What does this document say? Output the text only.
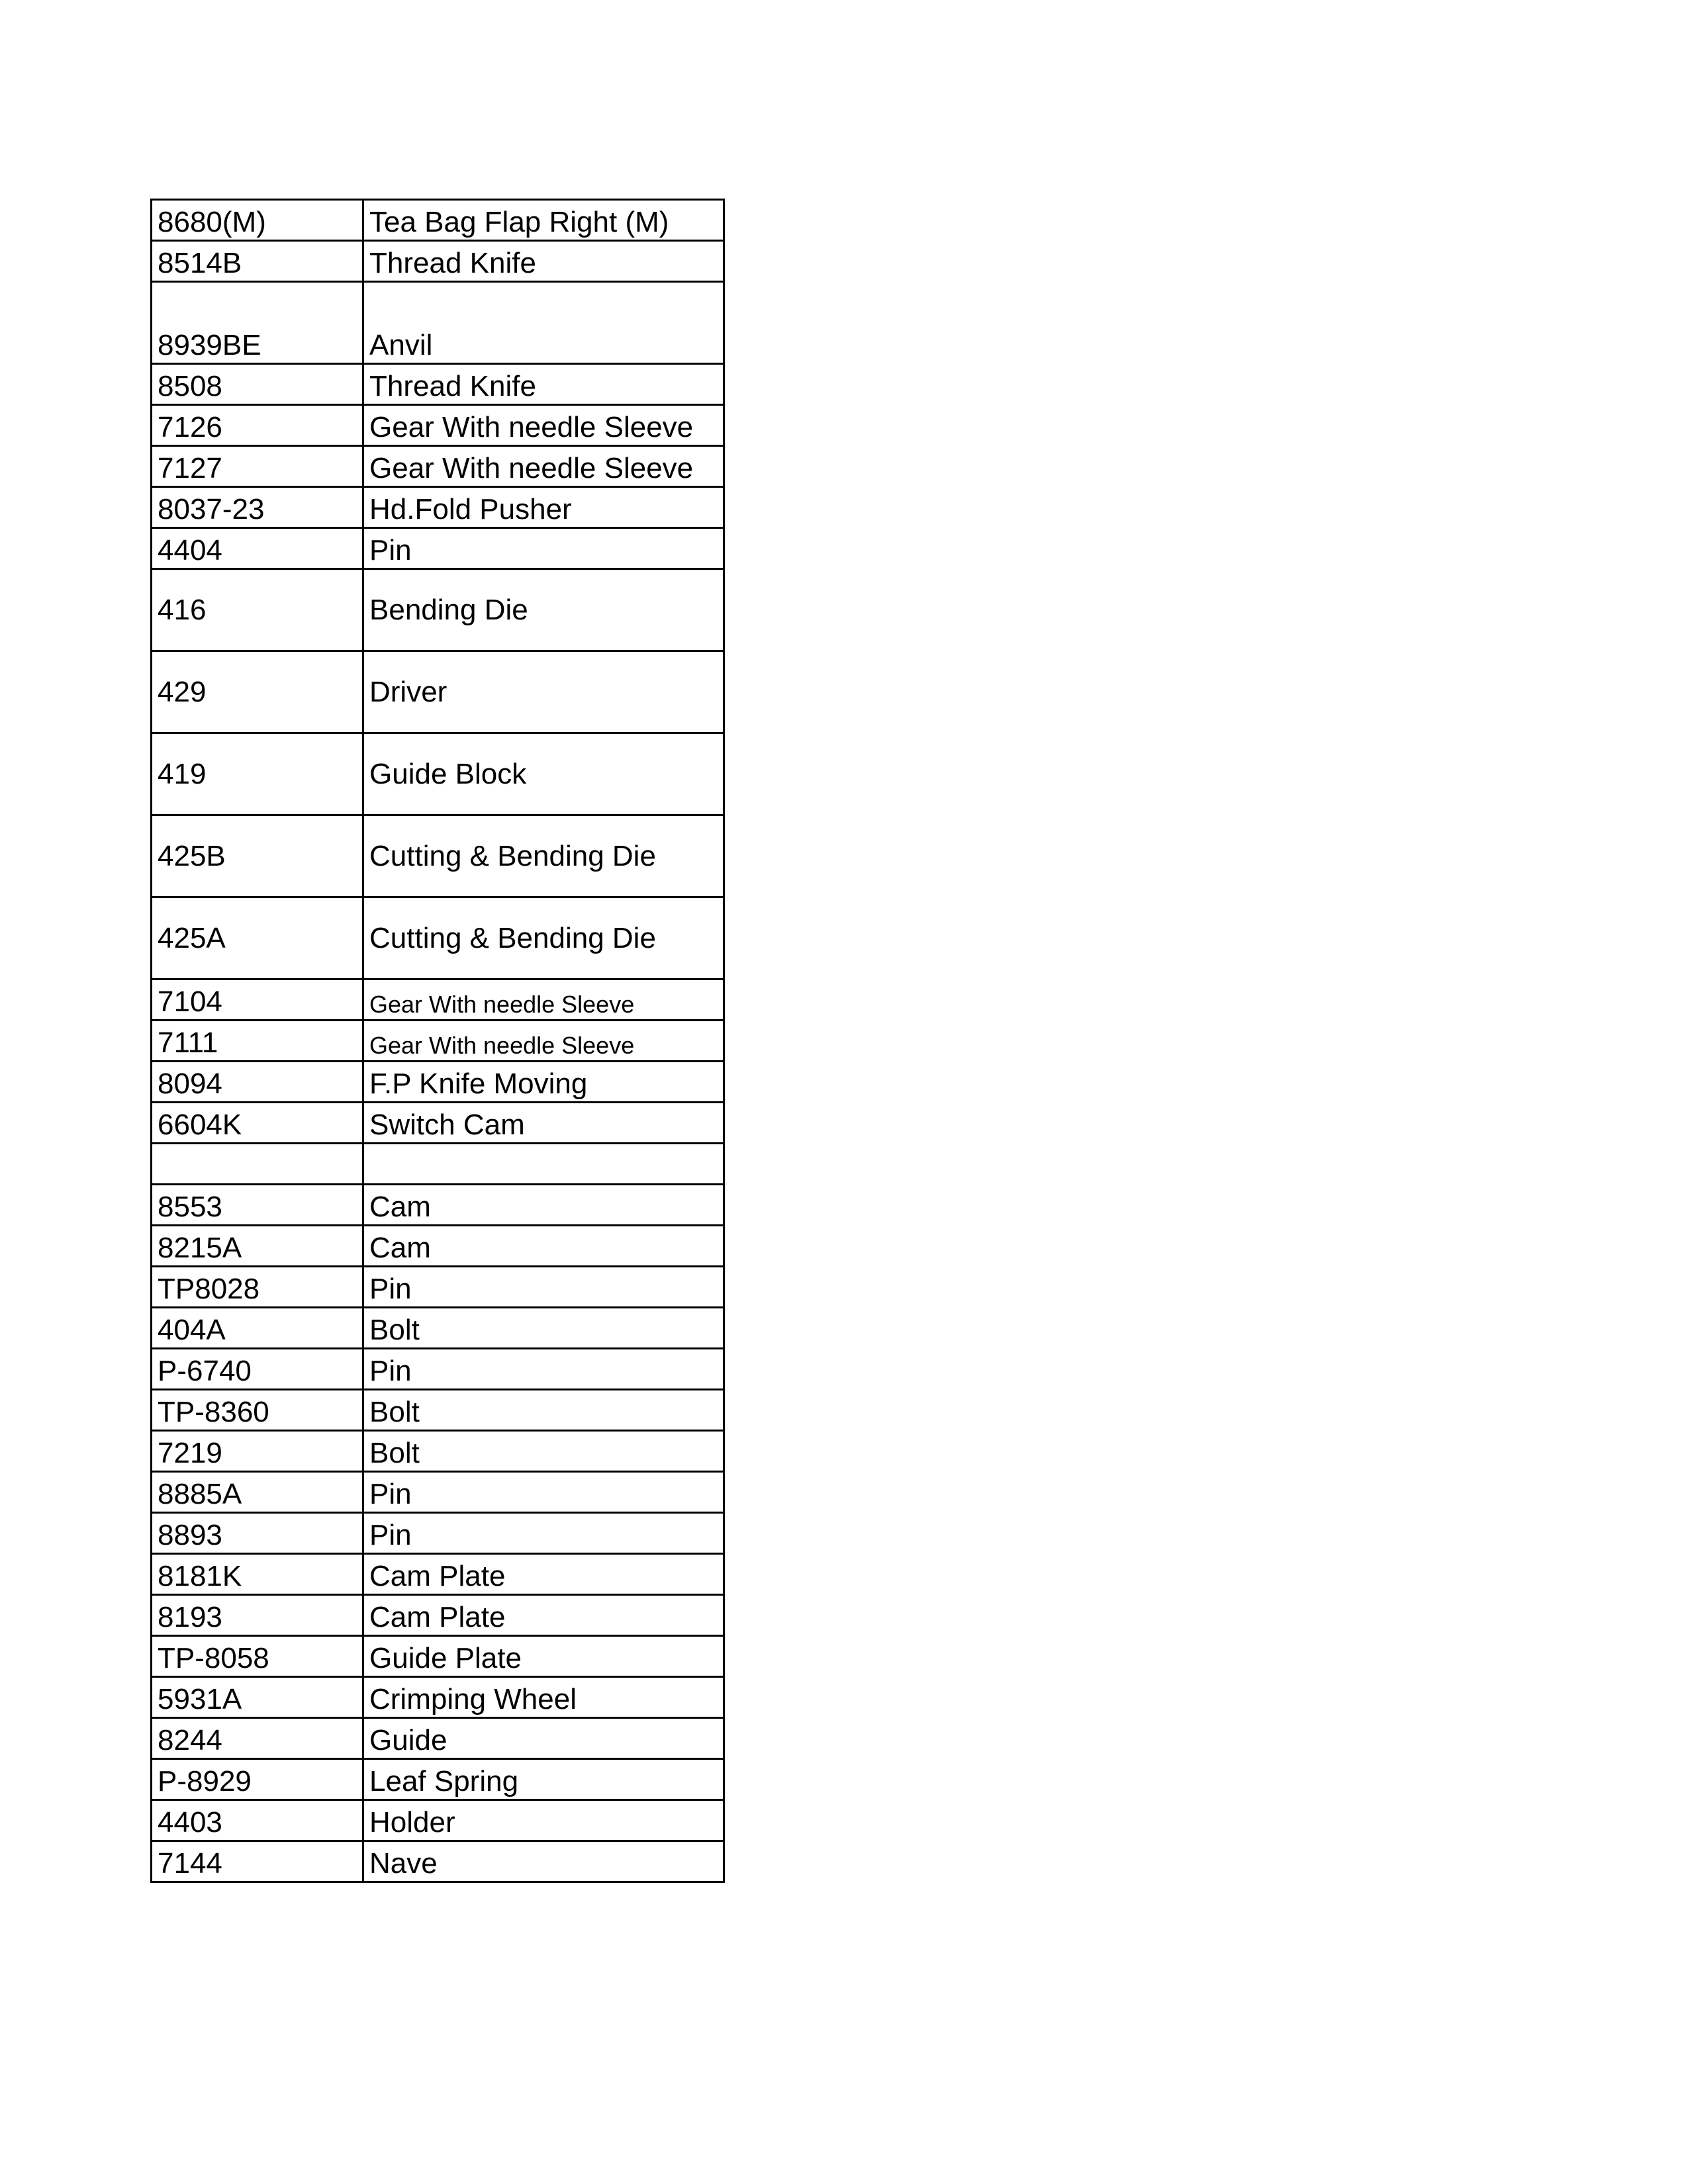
8680(M)	Tea Bag Flap Right (M)
8514B	Thread Knife
8939BE	Anvil
8508	Thread Knife
7126	Gear With needle Sleeve
7127	Gear With needle Sleeve
8037-23	Hd.Fold Pusher
4404	Pin
416	Bending Die
429	Driver
419	Guide Block
425B	Cutting & Bending Die
425A	Cutting & Bending Die
7104	Gear With needle Sleeve
7111	Gear With needle Sleeve
8094	F.P Knife Moving
6604K	Switch Cam

8553	Cam
8215A	Cam
TP8028	Pin
404A	Bolt
P-6740	Pin
TP-8360	Bolt
7219	Bolt
8885A	Pin
8893	Pin
8181K	Cam Plate
8193	Cam Plate
TP-8058	Guide Plate
5931A	Crimping Wheel
8244	Guide
P-8929	Leaf Spring
4403	Holder
7144	Nave
